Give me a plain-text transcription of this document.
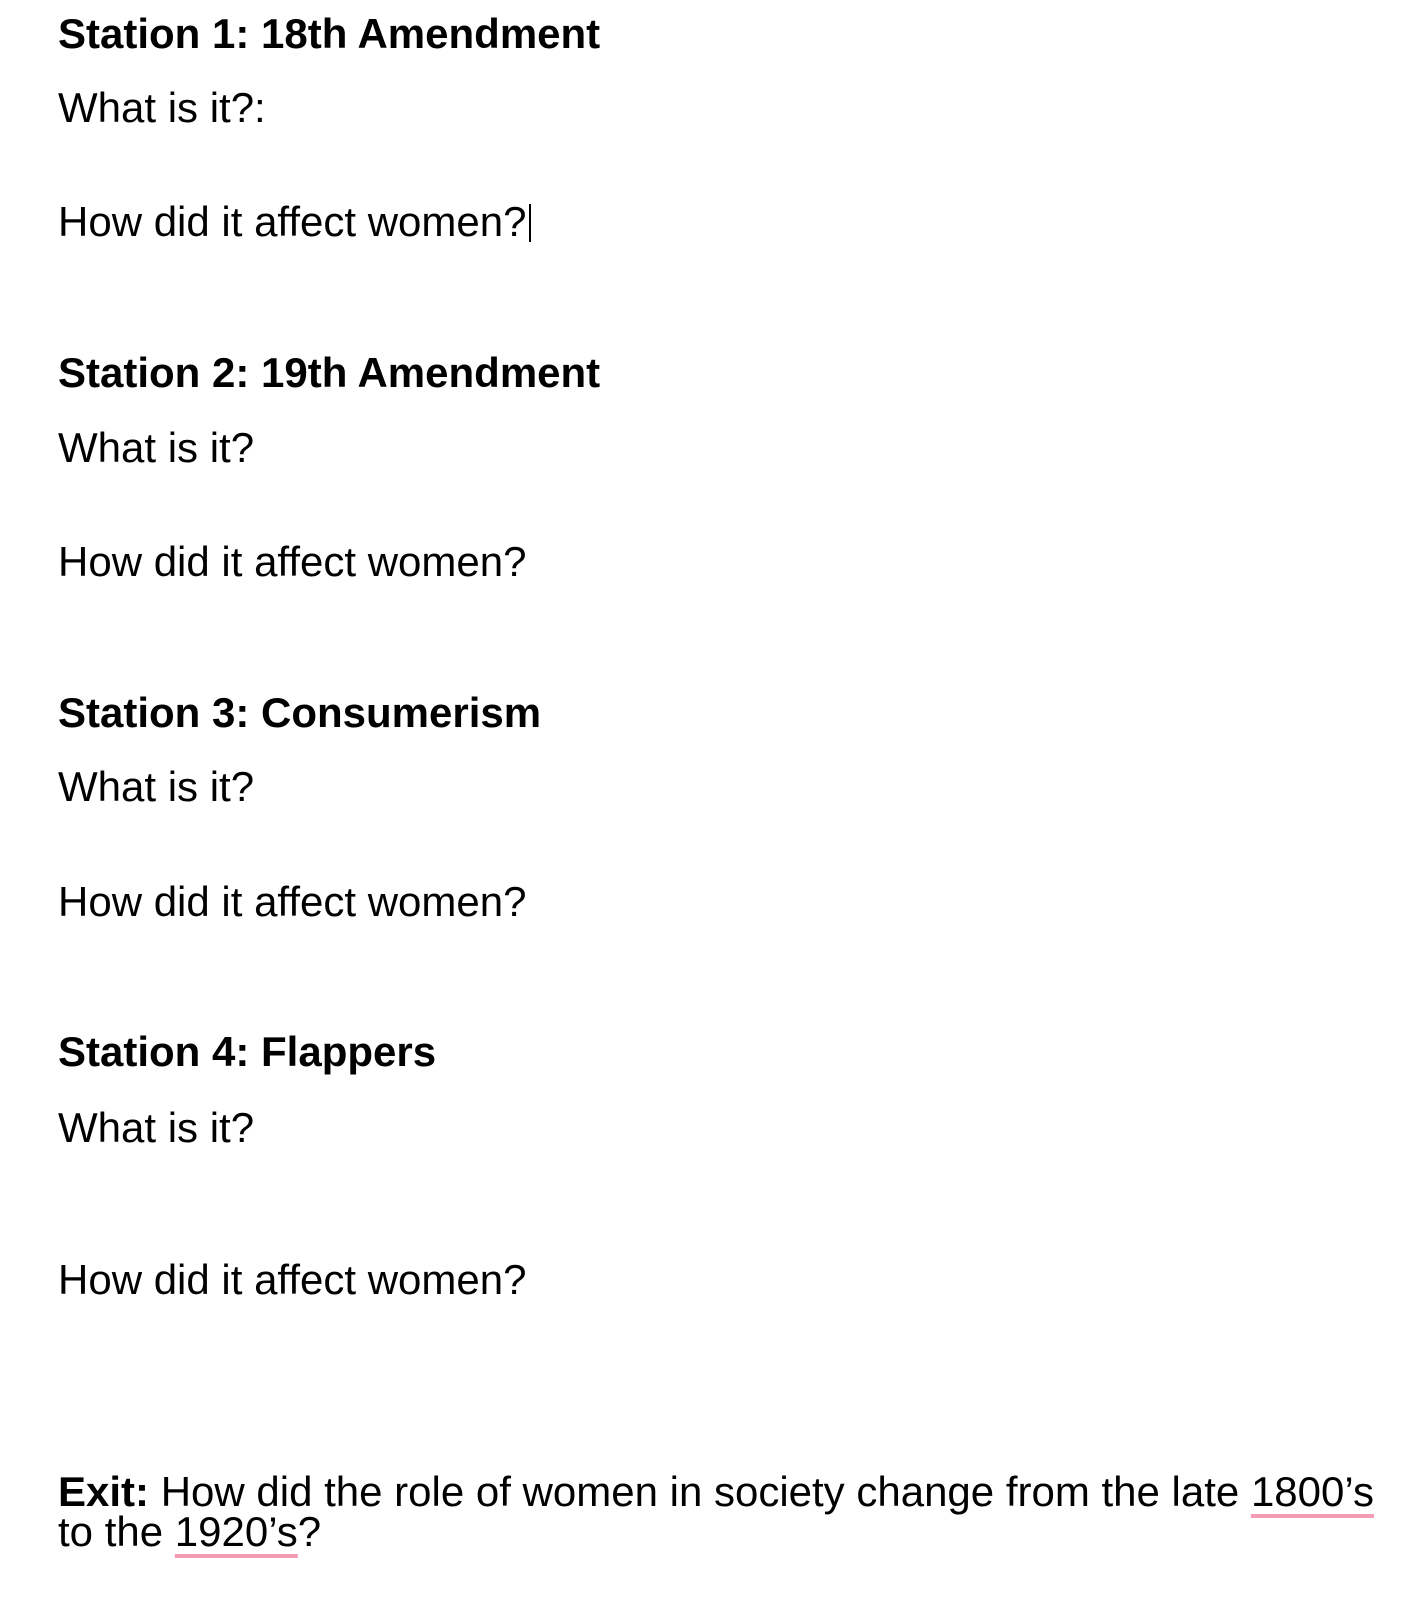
Station 1: 18th Amendment
What is it?:
How did it affect women?
Station 2: 19th Amendment
What is it?
How did it affect women?
Station 3: Consumerism
What is it?
How did it affect women?
Station 4: Flappers
What is it?
How did it affect women?
Exit: How did the role of women in society change from the late 1800’s to the 1920’s?
